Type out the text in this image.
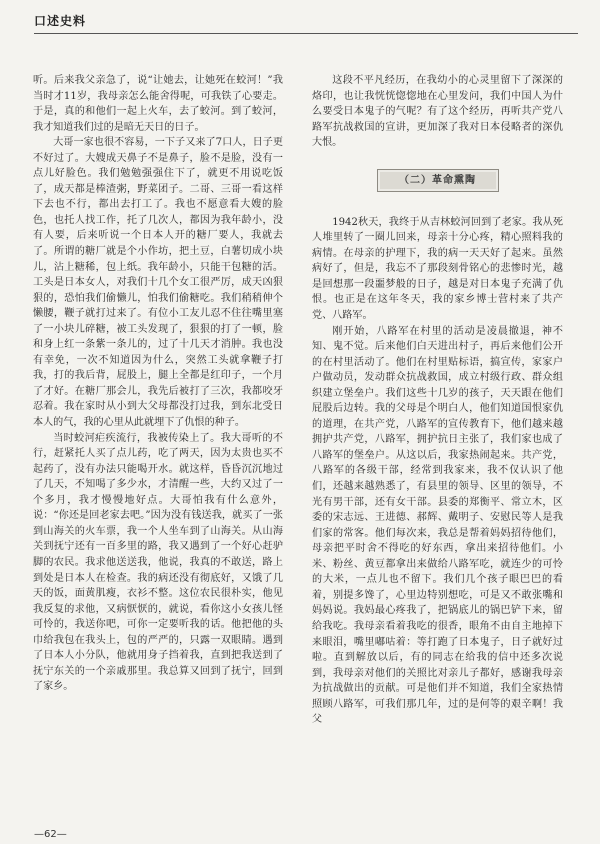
口述史料

听。后来我父亲急了，说“让她去，让她死在蛟河！”我当时才11岁，我母亲怎么能舍得呢，可我铁了心要走。于是，真的和他们一起上火车，去了蛟河。到了蛟河，我才知道我们过的是暗无天日的日子。

大哥一家也很不容易，一下子又来了7口人，日子更不好过了。大嫂成天鼻子不是鼻子，脸不是脸，没有一点儿好脸色。我们勉勉强强住下了，就更不用说吃饭了，成天都是棒渣粥，野菜团子。二哥、三哥一看这样下去也不行，都出去打工了。我也不愿意看大嫂的脸色，也托人找工作，托了几次人，都因为我年龄小，没有人要，后来听说一个日本人开的糖厂要人，我就去了。所谓的糖厂就是个小作坊，把土豆，白薯切成小块儿，沾上糖稀，包上纸。我年龄小，只能干包糖的活。工头是日本女人，对我们十几个女工很严厉，成天凶狠狠的，恐怕我们偷懒儿，怕我们偷糖吃。我们稍稍伸个懒腰，鞭子就打过来了。有位小工友儿忍不住往嘴里塞了一小块儿碎糖，被工头发现了，狠狠的打了一顿，脸和身上红一条紫一条儿的，过了十几天才消肿。我也没有幸免，一次不知道因为什么，突然工头就拿鞭子打我，打的我后背，屁股上，腿上全都是红印子，一个月了才好。在糖厂那会儿，我先后被打了三次，我都咬牙忍着。我在家时从小到大父母都没打过我，到东北受日本人的气，我的心里从此就埋下了仇恨的种子。

当时蛟河疟疾流行，我被传染上了。我大哥听的不行，赶紧托人买了点儿药，吃了两天，因为太贵也买不起药了，没有办法只能喝开水。就这样，昏昏沉沉地过了几天，不知喝了多少水，才清醒一些，大约又过了一个多月，我才慢慢地好点。大哥怕我有什么意外，说：“你还是回老家去吧。”因为没有钱送我，就买了一张到山海关的火车票，我一个人坐车到了山海关。从山海关到抚宁还有一百多里的路，我又遇到了一个好心赶驴脚的农民。我求他送送我，他说，我真的不敢送，路上到处是日本人在检查。我的病还没有彻底好，又饿了几天的饭，面黄肌瘦，衣衫不整。这位农民很朴实，他见我反复的求他，又病恹恹的，就说，看你这小女孩儿怪可怜的，我送你吧，可你一定要听我的话。他把他的头巾给我包在我头上，包的严严的，只露一双眼睛。遇到了日本人小分队，他就用身子挡着我，直到把我送到了抚宁东关的一个亲戚那里。我总算又回到了抚宁，回到了家乡。

这段不平凡经历，在我幼小的心灵里留下了深深的烙印，也让我恍恍惚惚地在心里发问，我们中国人为什么要受日本鬼子的气呢？有了这个经历，再听共产党八路军抗战救国的宣讲，更加深了我对日本侵略者的深仇大恨。

（二）革命熏陶

1942秋天，我终于从吉林蛟河回到了老家。我从死人堆里转了一圈儿回来，母亲十分心疼，精心照料我的病情。在母亲的护理下，我的病一天天好了起来。虽然病好了，但是，我忘不了那段刻骨铭心的悲惨时光，越是回想那一段噩梦般的日子，越是对日本鬼子充满了仇恨。也正是在这年冬天，我的家乡博士营村来了共产党、八路军。

刚开始，八路军在村里的活动是凌晨撤退，神不知、鬼不觉。后来他们白天进出村子，再后来他们公开的在村里活动了。他们在村里贴标语，搞宣传，家家户户做动员，发动群众抗战救国，成立村级行政、群众组织建立堡垒户。我们这些十几岁的孩子，天天跟在他们屁股后边转。我的父母是个明白人，他们知道国恨家仇的道理，在共产党，八路军的宣传教育下，他们越来越拥护共产党，八路军，拥护抗日主张了，我们家也成了八路军的堡垒户。从这以后，我家热闹起来。共产党，八路军的各级干部，经常到我家来，我不仅认识了他们，还越来越熟悉了，有县里的领导、区里的领导，不光有男干部，还有女干部。县委的郑衡平、常立木，区委的宋志远、王进德、郝辉、戴明子、安慰民等人是我们家的常客。他们每次来，我总是帮着妈妈招待他们，母亲把平时舍不得吃的好东西，拿出来招待他们。小米、粉丝、黄豆都拿出来做给八路军吃，就连少的可怜的大米，一点儿也不留下。我们几个孩子眼巴巴的看着，别提多馋了，心里边特别想吃，可是又不敢张嘴和妈妈说。我妈最心疼我了，把锅底儿的锅巴铲下来，留给我吃。我母亲看着我吃的很香，眼角不由自主地掉下来眼泪，嘴里嘟咕着：等打跑了日本鬼子，日子就好过啦。直到解放以后，有的同志在给我的信中还多次说到，我母亲对他们的关照比对亲儿子都好，感谢我母亲为抗战做出的贡献。可是他们并不知道，我们全家热情照顾八路军，可我们那几年，过的是何等的艰辛啊！我父

—62—
